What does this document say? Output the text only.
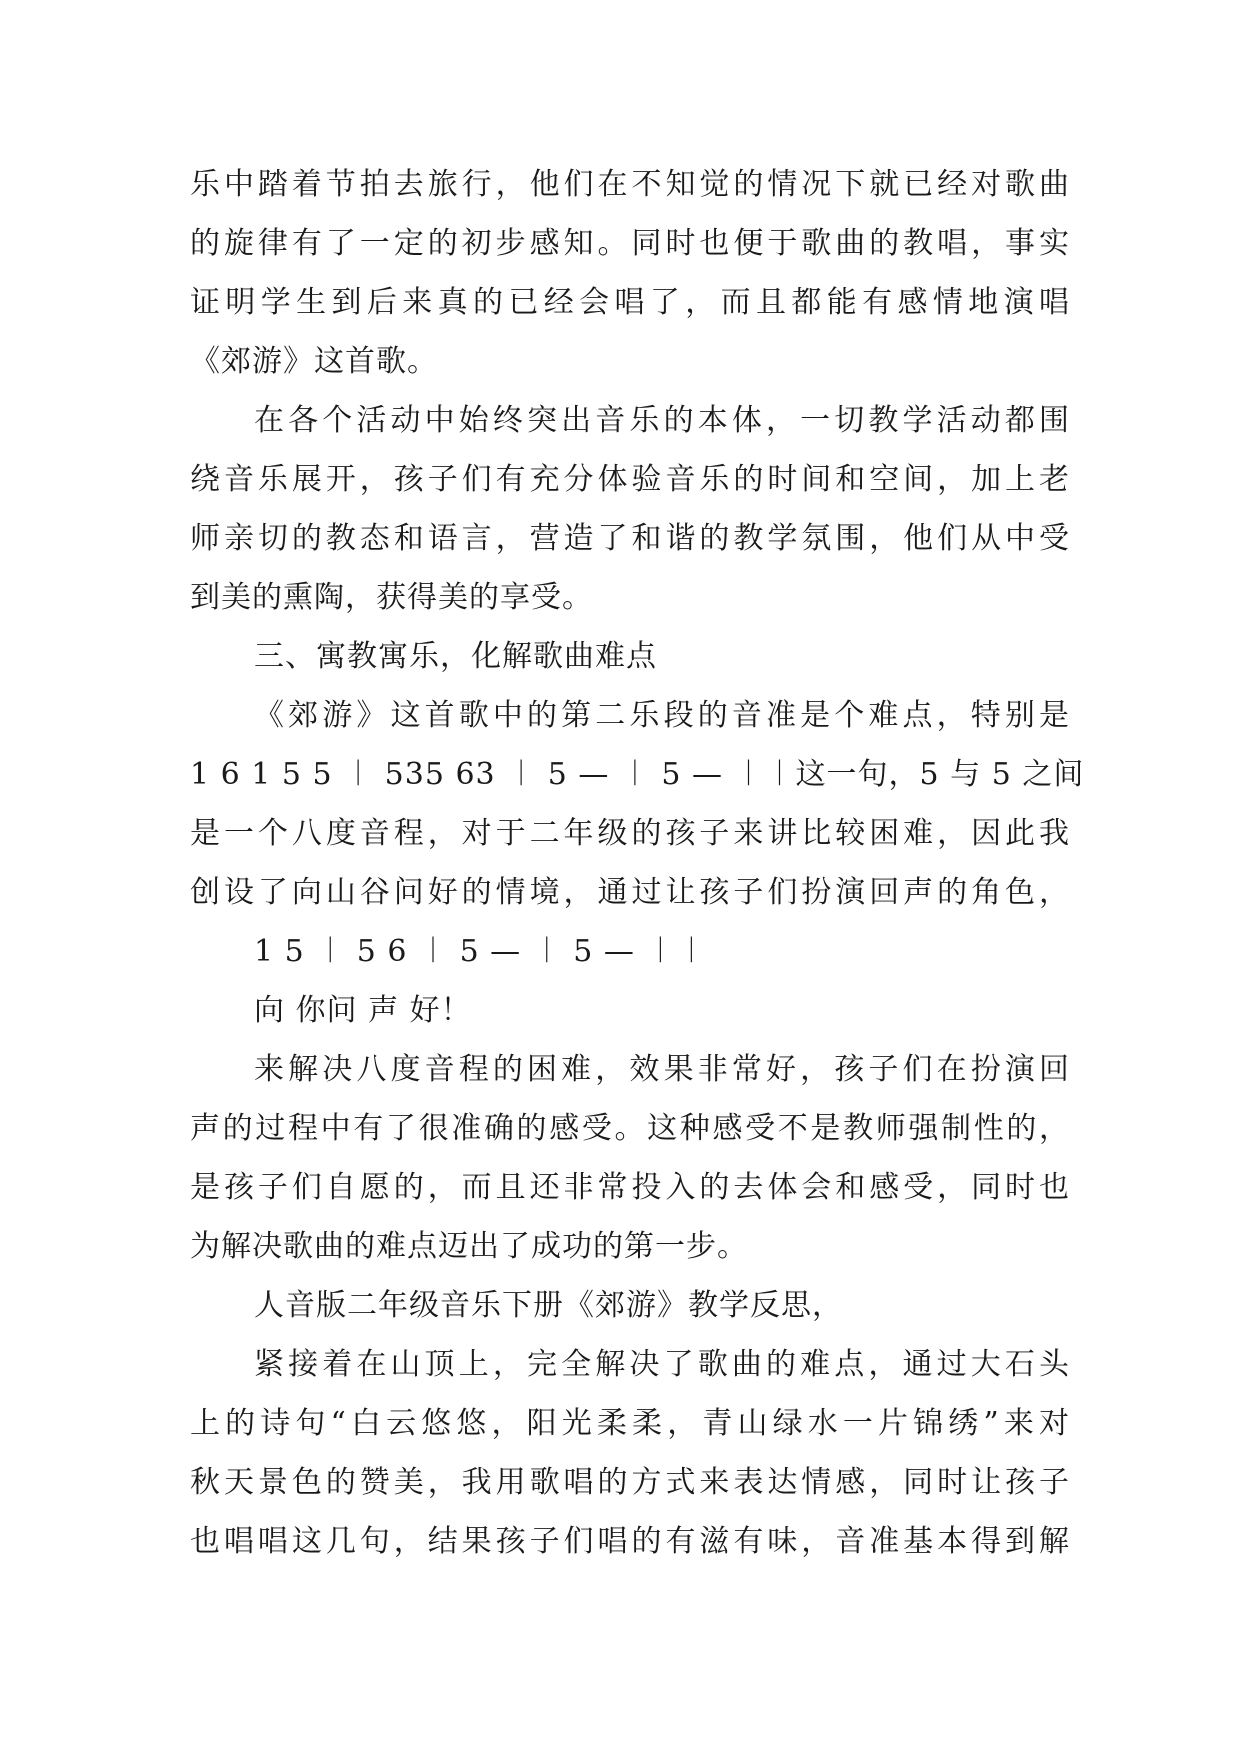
乐中踏着节拍去旅行，他们在不知觉的情况下就已经对歌曲
的旋律有了一定的初步感知。同时也便于歌曲的教唱，事实
证明学生到后来真的已经会唱了，而且都能有感情地演唱
《郊游》这首歌。
在各个活动中始终突出音乐的本体，一切教学活动都围
绕音乐展开，孩子们有充分体验音乐的时间和空间，加上老
师亲切的教态和语言，营造了和谐的教学氛围，他们从中受
到美的熏陶，获得美的享受。
三、寓教寓乐，化解歌曲难点
《郊游》这首歌中的第二乐段的音准是个难点，特别是
1 6 1 5 5 ︱ 535 63 ︱ 5 — ︱ 5 — ︱︱这一句，5 与 5 之间
是一个八度音程，对于二年级的孩子来讲比较困难，因此我
创设了向山谷问好的情境，通过让孩子们扮演回声的角色，
1 5 ︱ 5 6 ︱ 5 — ︱ 5 — ︱︱
向 你问 声 好！
来解决八度音程的困难，效果非常好，孩子们在扮演回
声的过程中有了很准确的感受。这种感受不是教师强制性的，
是孩子们自愿的，而且还非常投入的去体会和感受，同时也
为解决歌曲的难点迈出了成功的第一步。
人音版二年级音乐下册《郊游》教学反思，
紧接着在山顶上，完全解决了歌曲的难点，通过大石头
上的诗句“白云悠悠，阳光柔柔，青山绿水一片锦绣”来对
秋天景色的赞美，我用歌唱的方式来表达情感，同时让孩子
也唱唱这几句，结果孩子们唱的有滋有味，音准基本得到解
